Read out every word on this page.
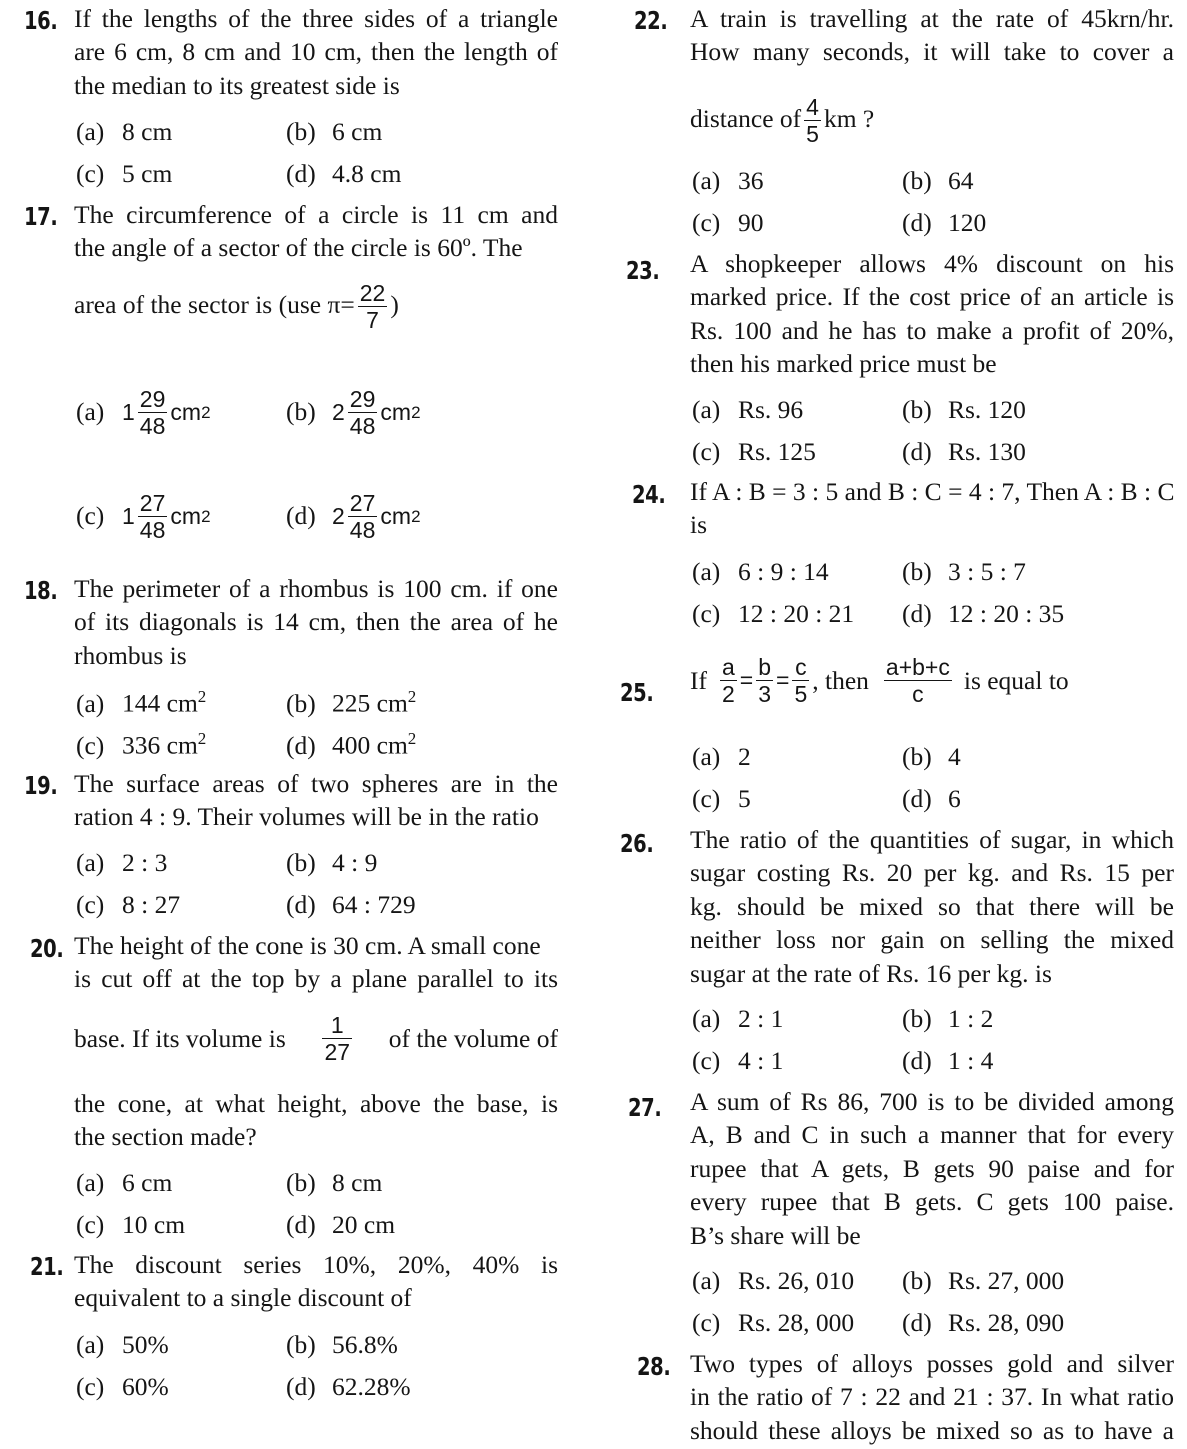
16. If the lengths of the three sides of a triangle
are 6 cm, 8 cm and 10 cm, then the length of
the median to its greatest side is
(a) 8 cm	(b) 6 cm
(c) 5 cm	(d) 4.8 cm
17. The circumference of a circle is 11 cm and
the angle of a sector of the circle is 60º. The
area of the sector is (use $\pi= \frac{22}{7}$ )
(a) $1 \frac{29}{48}$ cm 2	(b) $2 \frac{29}{48}$ cm 2
(c) $1 \frac{27}{48}$ cm 2	(d) $2 \frac{27}{48}$ cm 2
18. The perimeter of a rhombus is 100 cm. if one
of its diagonals is 14 cm, then the area of he
rhombus is
(a) 144 $cm^2$	(b) 225 $cm^2$
(c) 336 $cm^2$	(d) 400 $cm^2$
19. The surface areas of two spheres are in the
ration 4 : 9. Their volumes will be in the ratio
(a) 2 : 3	(b) 4 : 9
(c) 8 : 27	(d) 64 : 729
20. The height of the cone is 30 cm. A small cone
is cut off at the top by a plane parallel to its
base. If its volume is $\frac{1}{27}$ of the volume of
the cone, at what height, above the base, is
the section made?
(a) 6 cm	(b) 8 cm
(c) 10 cm	(d) 20 cm
21. The discount series 10%, 20%, 40% is
equivalent to a single discount of
(a) 50%	(b) 56.8%
(c) 60%	(d) 62.28%
22. A train is travelling at the rate of 45krn/hr.
How many seconds, it will take to cover a
distance of $\frac{4}{5}$ km ?
(a) 36	(b) 64
(c) 90	(d) 120
23. A shopkeeper allows 4% discount on his
marked price. If the cost price of an article is
Rs. 100 and he has to make a profit of 20%,
then his marked price must be
(a) Rs. 96	(b) Rs. 120
(c) Rs. 125	(d) Rs. 130
24. If A : B = 3 : 5 and B : C = 4 : 7, Then A : B : C
is
(a) 6 : 9 : 14	(b) 3 : 5 : 7
(c) 12 : 20 : 21 (d) 12 : 20 : 35
25. If $\frac{a}{2} = \frac{b}{3} = \frac{c}{5}$ , then $\frac{a+b+c}{c}$ is equal to
(a) 2	(b) 4
(c) 5	(d) 6
26. The ratio of the quantities of sugar, in which
sugar costing Rs. 20 per kg. and Rs. 15 per
kg. should be mixed so that there will be
neither loss nor gain on selling the mixed
sugar at the rate of Rs. 16 per kg. is
(a) 2 : 1	(b) 1 : 2
(c) 4 : 1	(d) 1 : 4
27. A sum of Rs 86, 700 is to be divided among
A, B and C in such a manner that for every
rupee that A gets, B gets 90 paise and for
every rupee that B gets. C gets 100 paise.
B’s share will be
(a) Rs. 26, 010 (b) Rs. 27, 000
(c) Rs. 28, 000 (d) Rs. 28, 090
28. Two types of alloys posses gold and silver
in the ratio of 7 : 22 and 21 : 37. In what ratio
should these alloys be mixed so as to have a
